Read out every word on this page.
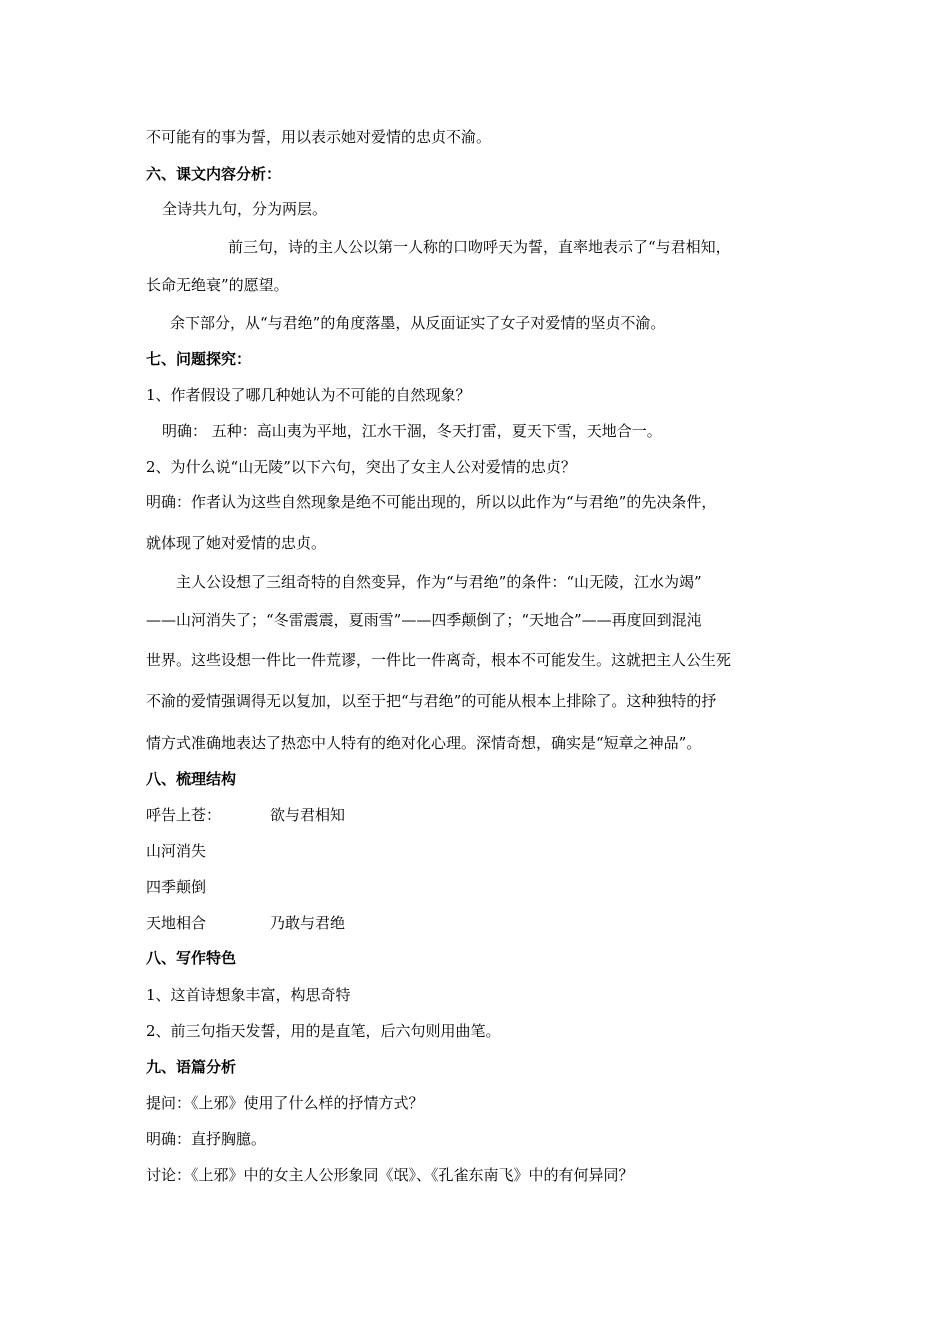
不可能有的事为誓，用以表示她对爱情的忠贞不渝。
六、课文内容分析：
全诗共九句，分为两层。
前三句，诗的主人公以第一人称的口吻呼天为誓，直率地表示了“与君相知，
长命无绝衰”的愿望。
余下部分，从“与君绝”的角度落墨，从反面证实了女子对爱情的坚贞不渝。
七、问题探究：
1、作者假设了哪几种她认为不可能的自然现象？
明确： 五种：高山夷为平地，江水干涸，冬天打雷，夏天下雪，天地合一。
2、为什么说“山无陵”以下六句，突出了女主人公对爱情的忠贞？
明确：作者认为这些自然现象是绝不可能出现的，所以以此作为“与君绝”的先决条件，
就体现了她对爱情的忠贞。
主人公设想了三组奇特的自然变异，作为“与君绝”的条件：“山无陵，江水为竭”
——山河消失了；“冬雷震震，夏雨雪”——四季颠倒了；“天地合”——再度回到混沌
世界。这些设想一件比一件荒谬，一件比一件离奇，根本不可能发生。这就把主人公生死
不渝的爱情强调得无以复加，以至于把“与君绝”的可能从根本上排除了。这种独特的抒
情方式准确地表达了热恋中人特有的绝对化心理。深情奇想，确实是“短章之神品”。
八、梳理结构
呼告上苍：	欲与君相知
山河消失
四季颠倒
天地相合	乃敢与君绝
八、写作特色
1、这首诗想象丰富，构思奇特
2、前三句指天发誓，用的是直笔，后六句则用曲笔。
九、语篇分析
提问：《上邪》使用了什么样的抒情方式？
明确：直抒胸臆。
讨论：《上邪》中的女主人公形象同《氓》、《孔雀东南飞》中的有何异同？
